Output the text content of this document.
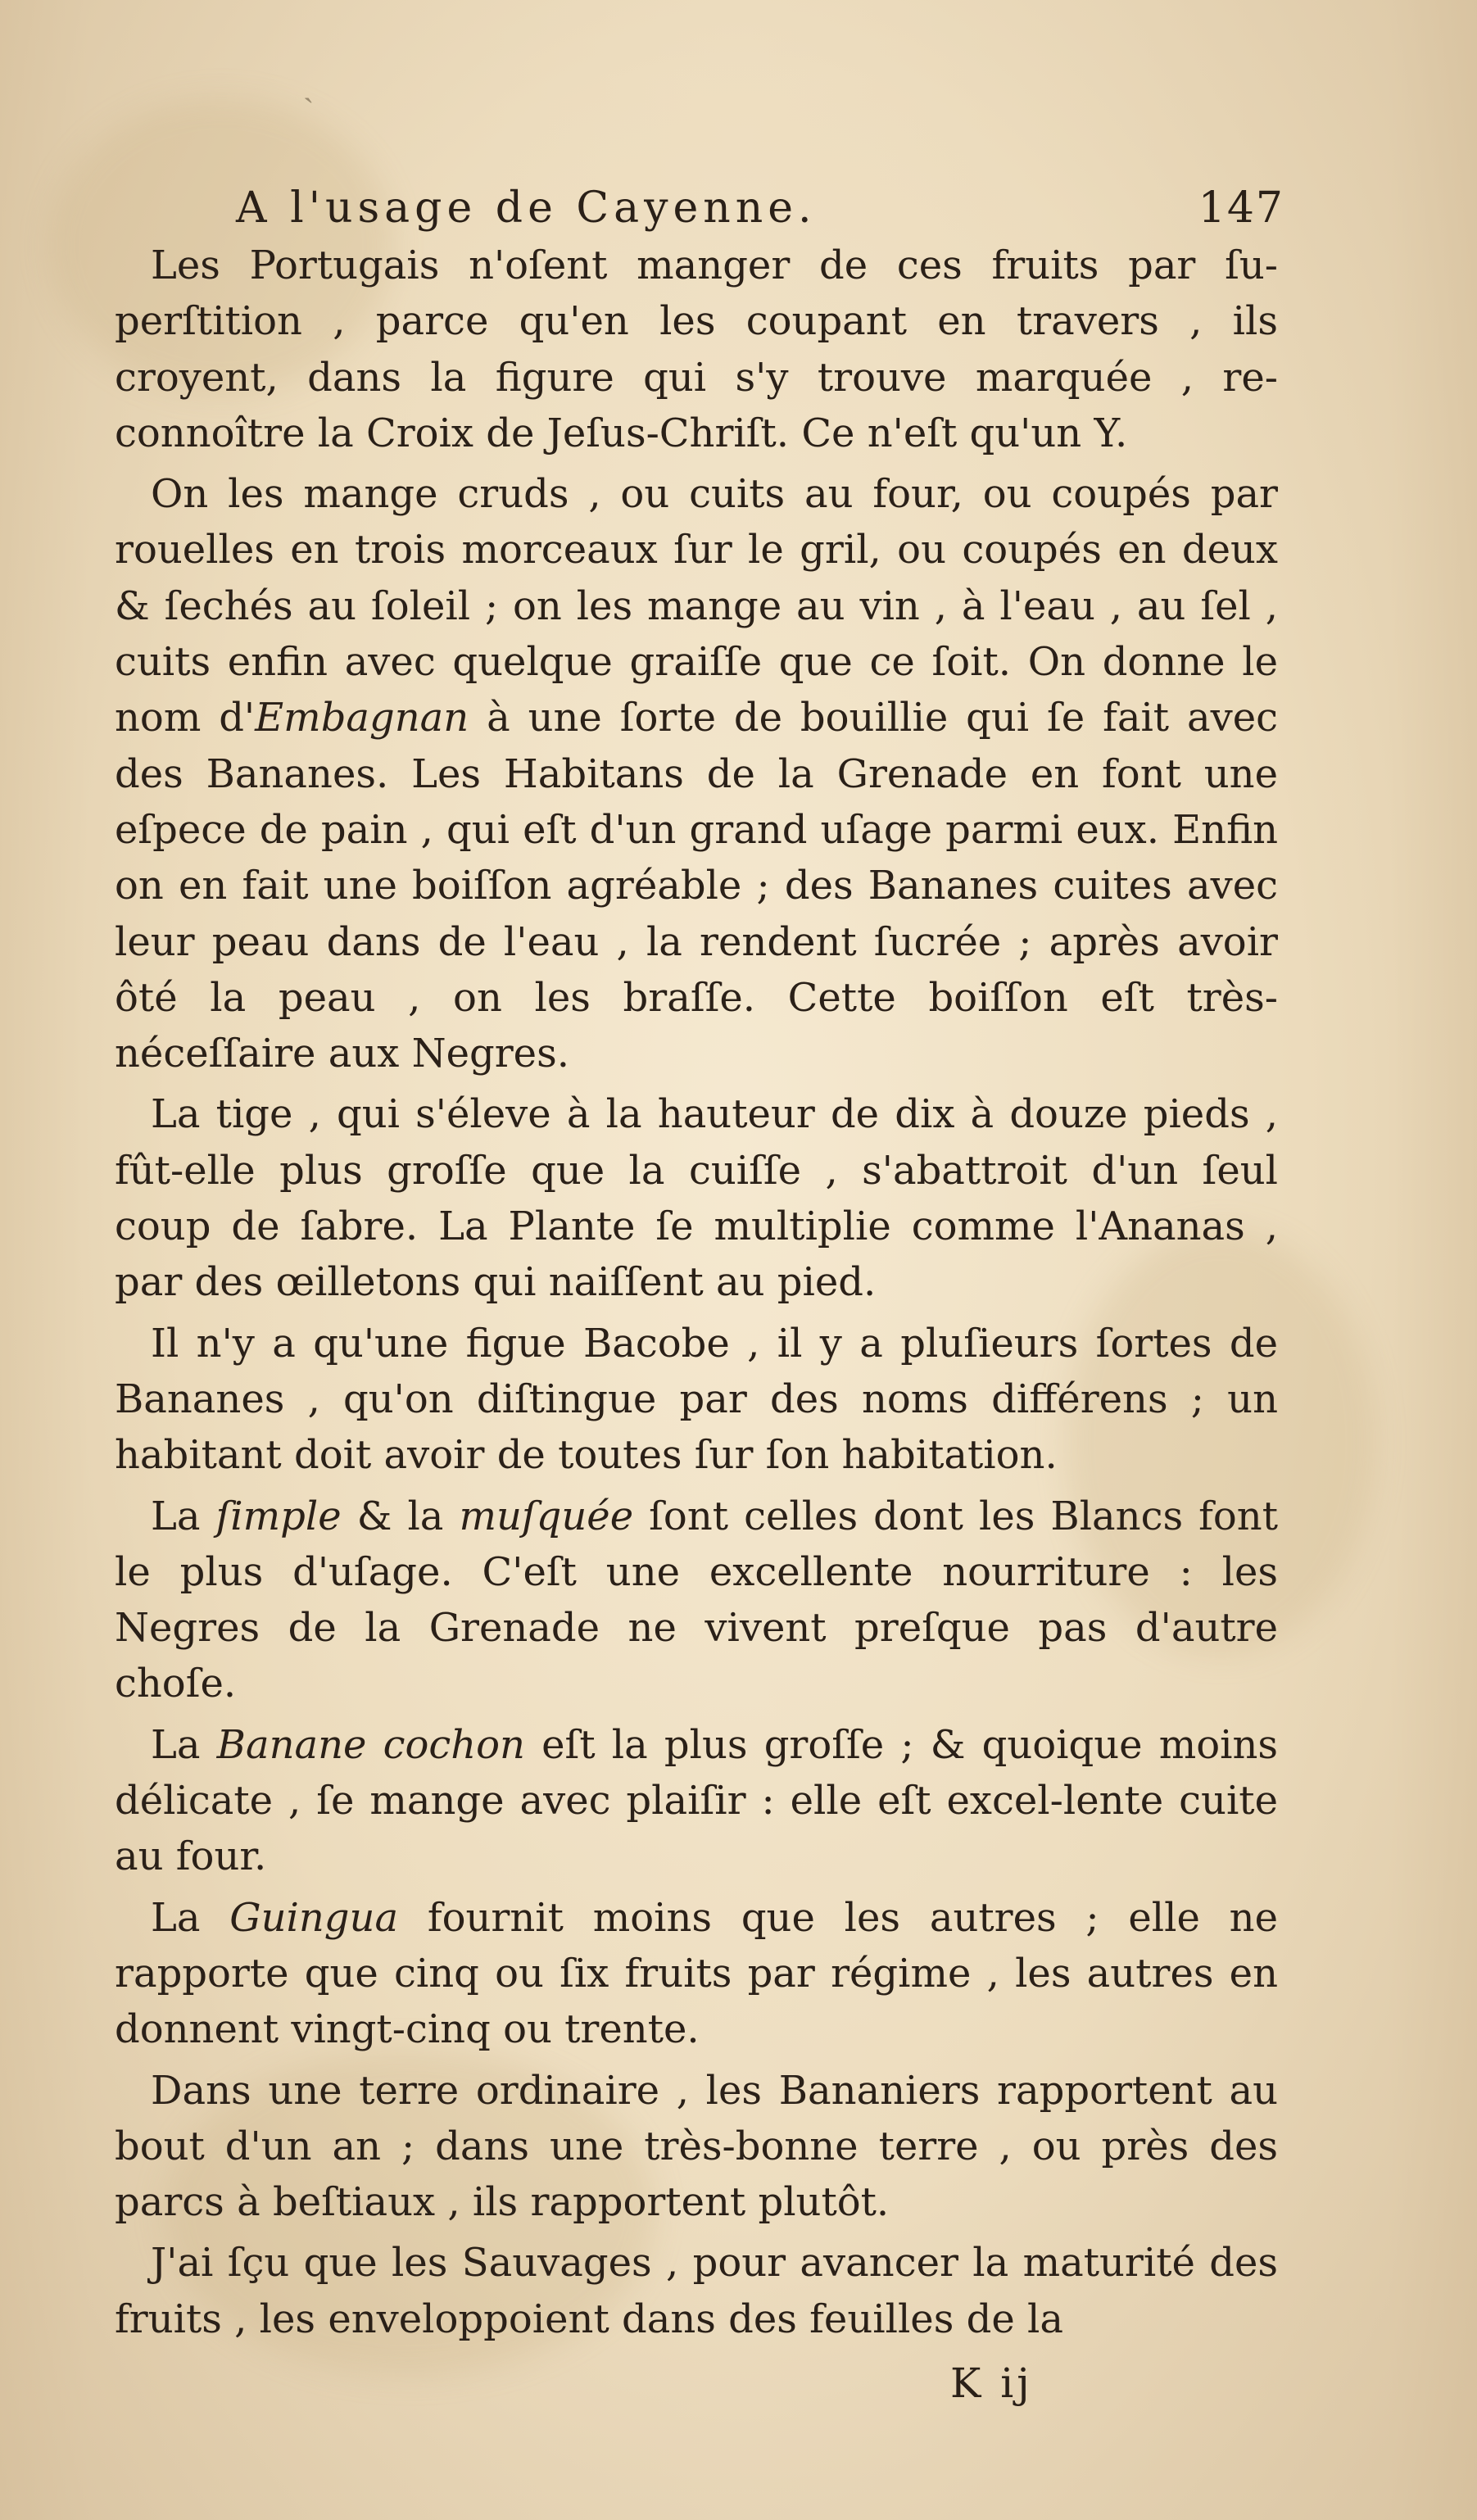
ˏ
A l'usage de Cayenne.	147

Les Portugais n'oſent manger de ces fruits par ſu-perſtition , parce qu'en les coupant en travers , ils croyent, dans la figure qui s'y trouve marquée , re-connoître la Croix de Jeſus-Chriſt. Ce n'eſt qu'un Y.

On les mange cruds , ou cuits au four, ou coupés par rouelles en trois morceaux ſur le gril, ou coupés en deux & ſechés au ſoleil ; on les mange au vin , à l'eau , au ſel , cuits enfin avec quelque graiſſe que ce ſoit. On donne le nom d'Embagnan à une ſorte de bouillie qui ſe fait avec des Bananes. Les Habitans de la Grenade en font une eſpece de pain , qui eſt d'un grand uſage parmi eux. Enfin on en fait une boiſſon agréable ; des Bananes cuites avec leur peau dans de l'eau , la rendent ſucrée ; après avoir ôté la peau , on les braſſe. Cette boiſſon eſt très-néceſſaire aux Negres.

La tige , qui s'éleve à la hauteur de dix à douze pieds , fût-elle plus groſſe que la cuiſſe , s'abattroit d'un ſeul coup de ſabre. La Plante ſe multiplie comme l'Ananas , par des œilletons qui naiſſent au pied.

Il n'y a qu'une figue Bacobe , il y a pluſieurs ſortes de Bananes , qu'on diſtingue par des noms différens ; un habitant doit avoir de toutes ſur ſon habitation.

La ſimple & la muſquée ſont celles dont les Blancs font le plus d'uſage. C'eſt une excellente nourriture : les Negres de la Grenade ne vivent preſque pas d'autre choſe.

La Banane cochon eſt la plus groſſe ; & quoique moins délicate , ſe mange avec plaiſir : elle eſt excel-lente cuite au four.

La Guingua fournit moins que les autres ; elle ne rapporte que cinq ou ſix fruits par régime , les autres en donnent vingt-cinq ou trente.

Dans une terre ordinaire , les Bananiers rapportent au bout d'un an ; dans une très-bonne terre , ou près des parcs à beſtiaux , ils rapportent plutôt.

J'ai ſçu que les Sauvages , pour avancer la maturité des fruits , les enveloppoient dans des feuilles de la

K ij
